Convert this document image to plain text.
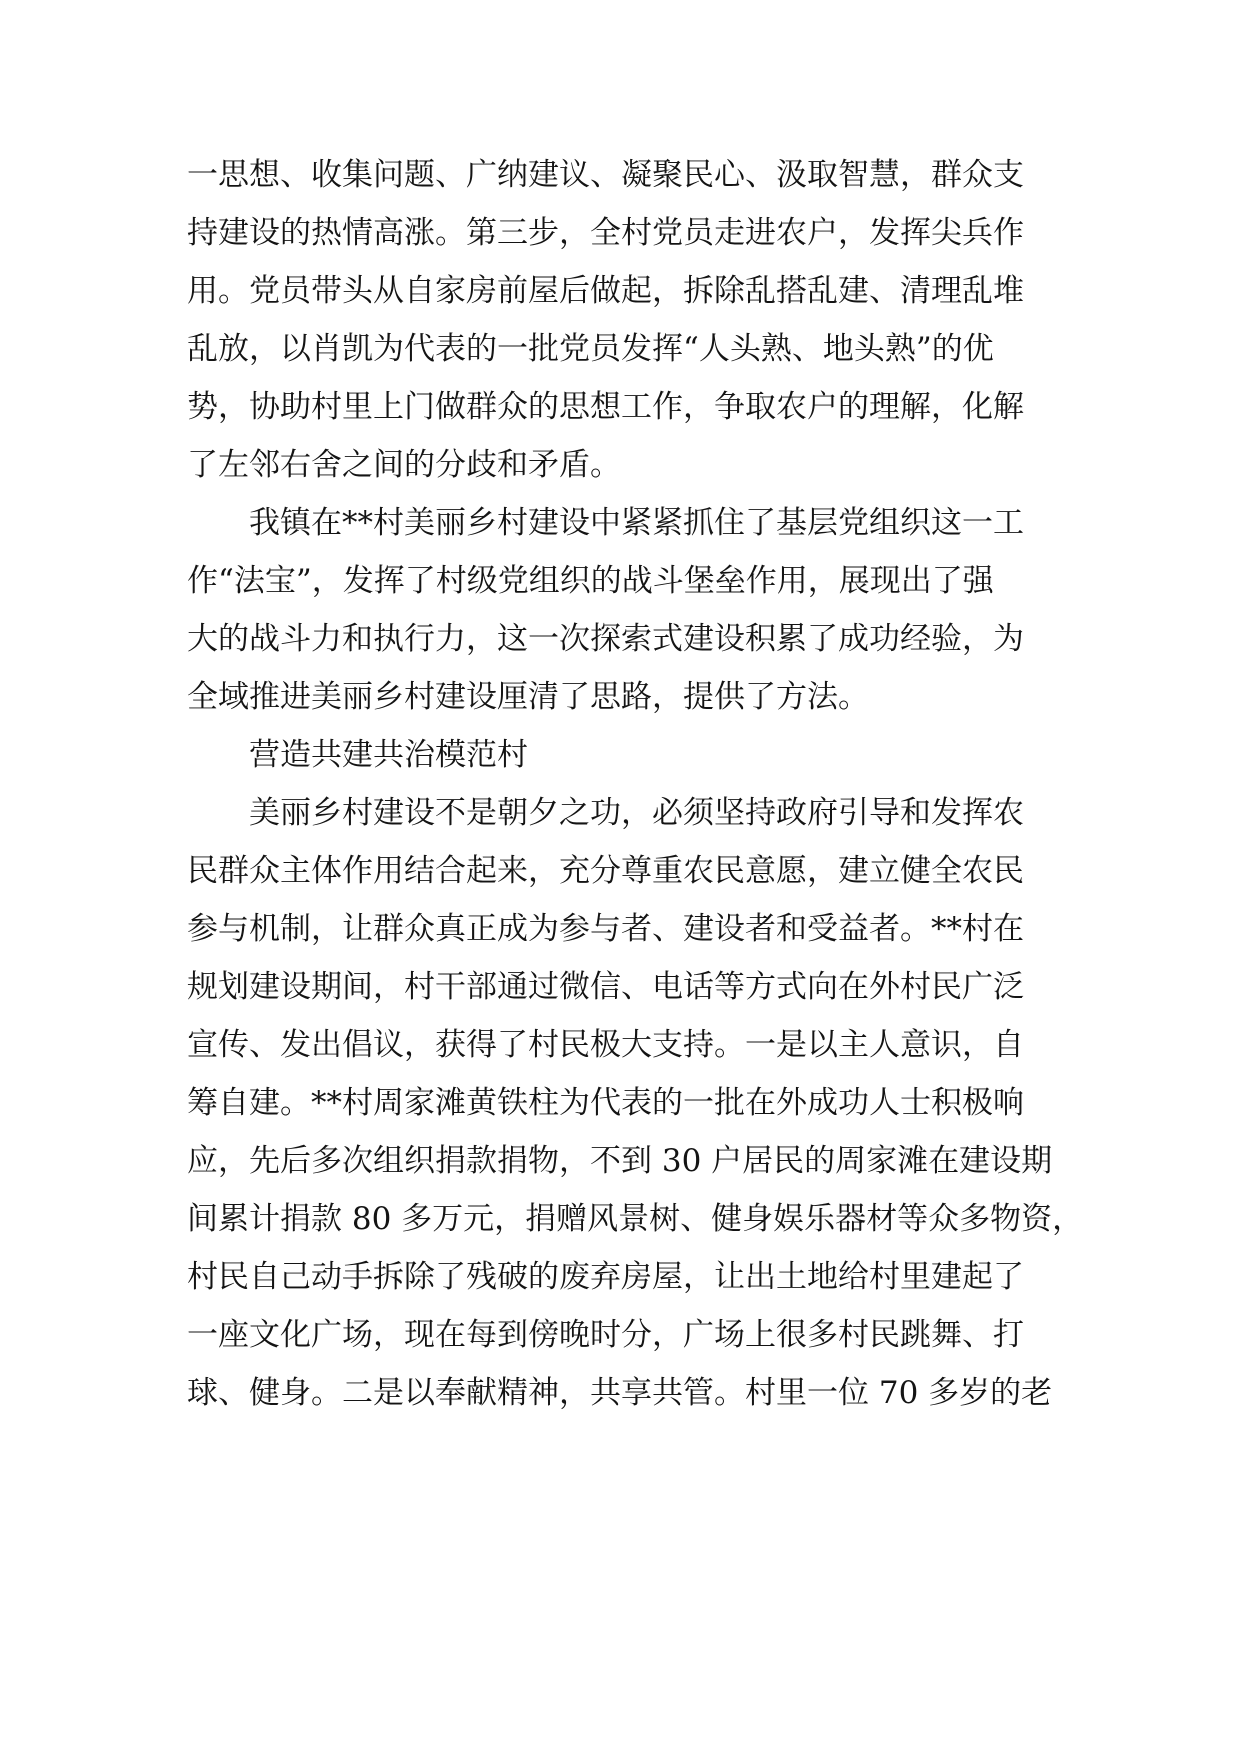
一思想、收集问题、广纳建议、凝聚民心、汲取智慧，群众支
持建设的热情高涨。第三步，全村党员走进农户，发挥尖兵作
用。党员带头从自家房前屋后做起，拆除乱搭乱建、清理乱堆
乱放，以肖凯为代表的一批党员发挥“人头熟、地头熟”的优
势，协助村里上门做群众的思想工作，争取农户的理解，化解
了左邻右舍之间的分歧和矛盾。
我镇在**村美丽乡村建设中紧紧抓住了基层党组织这一工
作“法宝”，发挥了村级党组织的战斗堡垒作用，展现出了强
大的战斗力和执行力，这一次探索式建设积累了成功经验，为
全域推进美丽乡村建设厘清了思路，提供了方法。
营造共建共治模范村
美丽乡村建设不是朝夕之功，必须坚持政府引导和发挥农
民群众主体作用结合起来，充分尊重农民意愿，建立健全农民
参与机制，让群众真正成为参与者、建设者和受益者。**村在
规划建设期间，村干部通过微信、电话等方式向在外村民广泛
宣传、发出倡议，获得了村民极大支持。一是以主人意识，自
筹自建。**村周家滩黄铁柱为代表的一批在外成功人士积极响
应，先后多次组织捐款捐物，不到 30 户居民的周家滩在建设期
间累计捐款 80 多万元，捐赠风景树、健身娱乐器材等众多物资，
村民自己动手拆除了残破的废弃房屋，让出土地给村里建起了
一座文化广场，现在每到傍晚时分，广场上很多村民跳舞、打
球、健身。二是以奉献精神，共享共管。村里一位 70 多岁的老
